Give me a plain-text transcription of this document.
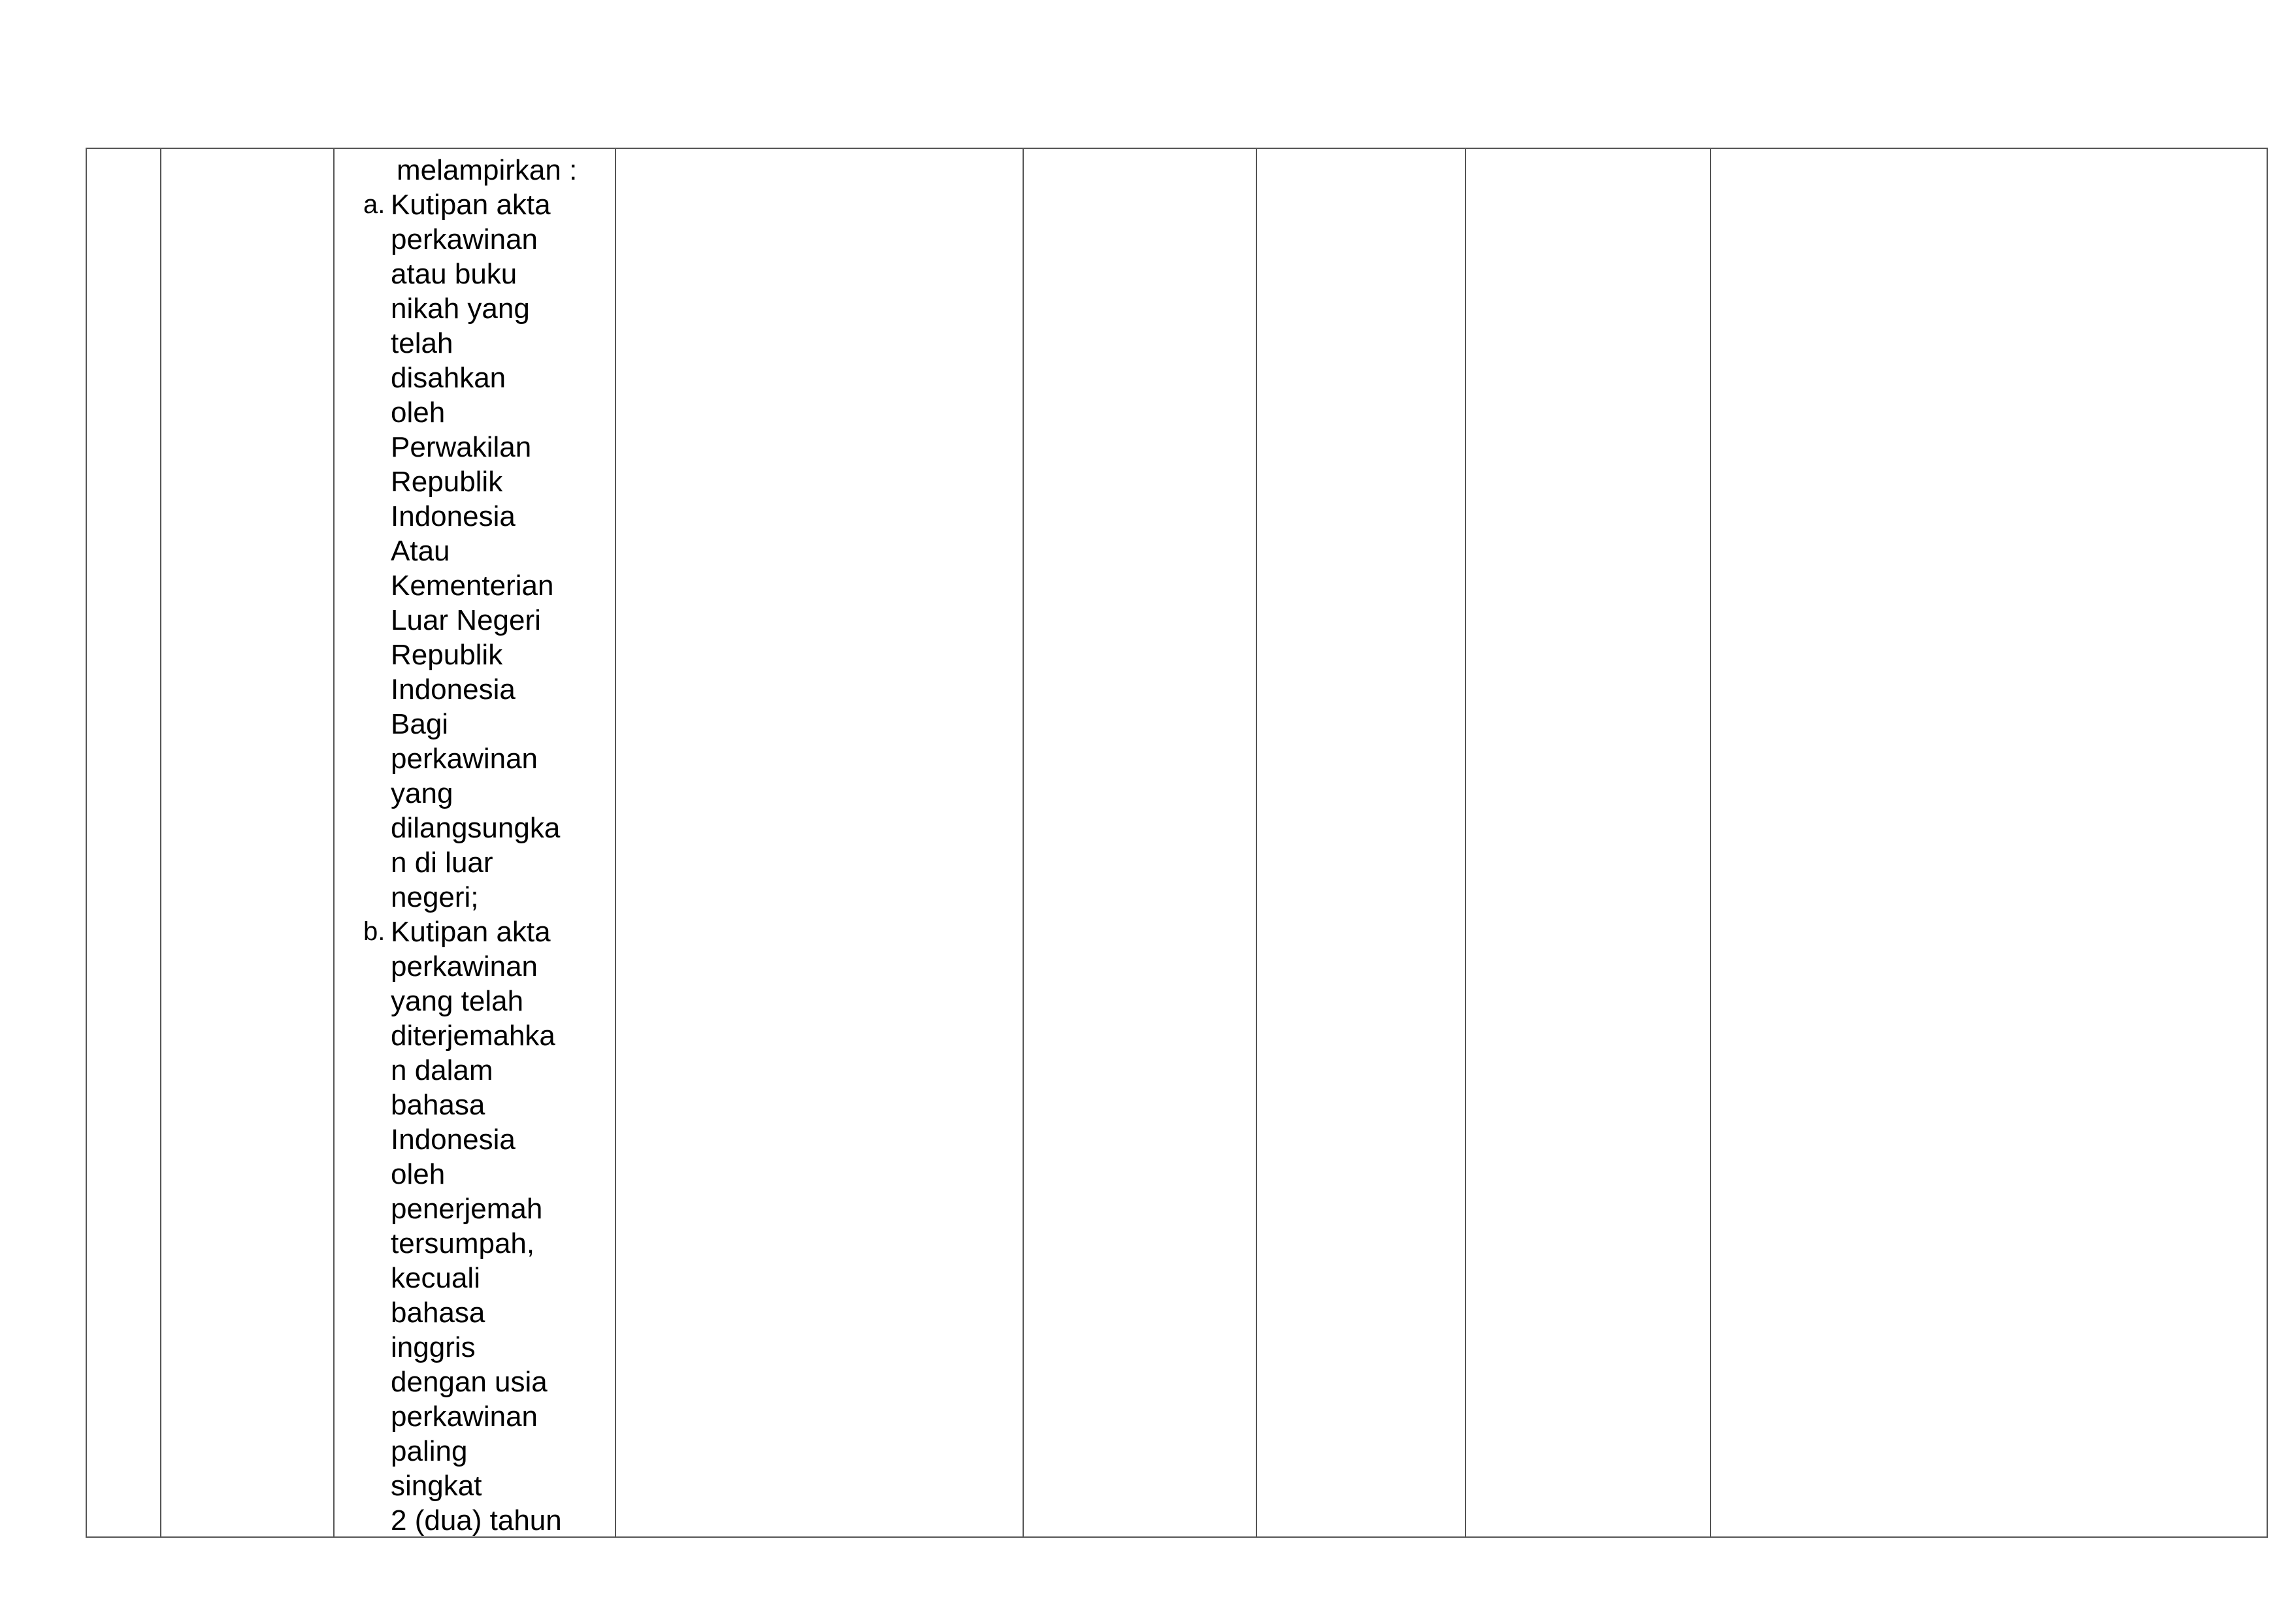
melampirkan :
a. Kutipan akta
perkawinan
atau buku
nikah yang
telah
disahkan
oleh
Perwakilan
Republik
Indonesia
Atau
Kementerian
Luar Negeri
Republik
Indonesia
Bagi
perkawinan
yang
dilangsungka
n di luar
negeri;
b. Kutipan akta
perkawinan
yang telah
diterjemahka
n dalam
bahasa
Indonesia
oleh
penerjemah
tersumpah,
kecuali
bahasa
inggris
dengan usia
perkawinan
paling
singkat
2 (dua) tahun
